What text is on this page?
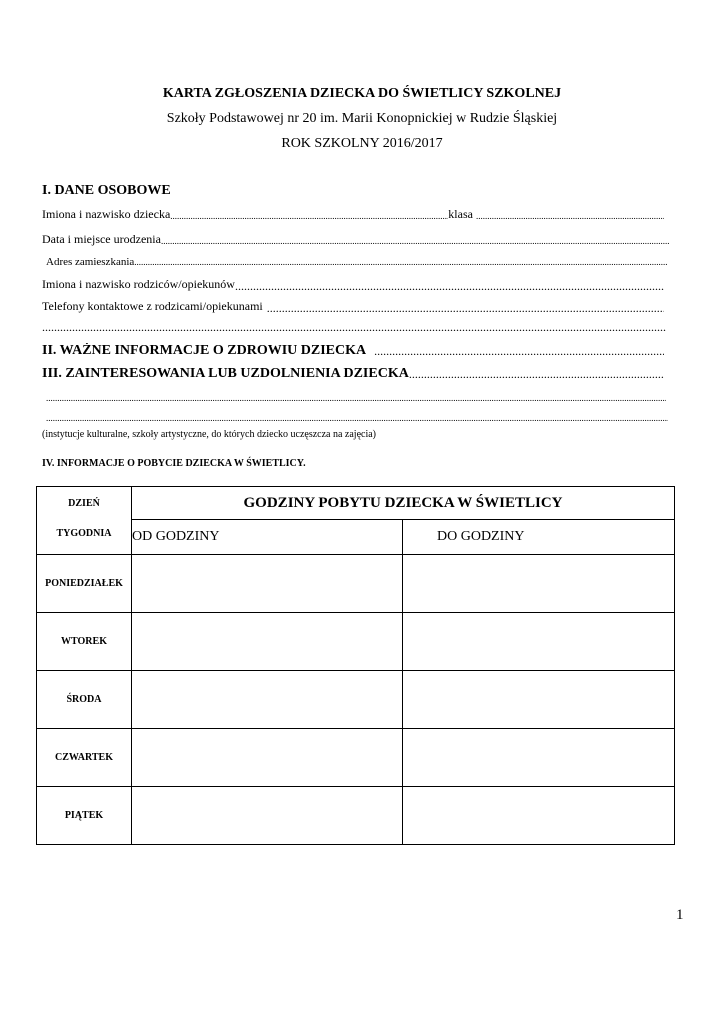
KARTA ZGŁOSZENIA DZIECKA DO ŚWIETLICY SZKOLNEJ
Szkoły Podstawowej nr 20 im. Marii Konopnickiej w Rudzie Śląskiej
ROK SZKOLNY 2016/2017
I. DANE OSOBOWE
Imiona i nazwisko dziecka .....	klasa
.....
Data i miejsce urodzenia
.....
Adres zamieszkania
.....
Imiona i nazwisko rodziców/opiekunów
.....
Telefony kontaktowe z rodzicami/opiekunami
.....
.....
II. WAŻNE INFORMACJE O ZDROWIU DZIECKA
.....
III. ZAINTERESOWANIA LUB UZDOLNIENIA DZIECKA
.....
.....
.....
(instytucje kulturalne, szkoły artystyczne, do których dziecko uczęszcza na zajęcia)
IV. INFORMACJE O POBYCIE DZIECKA W ŚWIETLICY.
DZIEŃ
TYGODNIA	GODZINY POBYTU DZIECKA W ŚWIETLICY	
	OD GODZINY	DO GODZINY
PONIEDZIAŁEK		
WTOREK		
ŚRODA		
CZWARTEK		
PIĄTEK		
1
